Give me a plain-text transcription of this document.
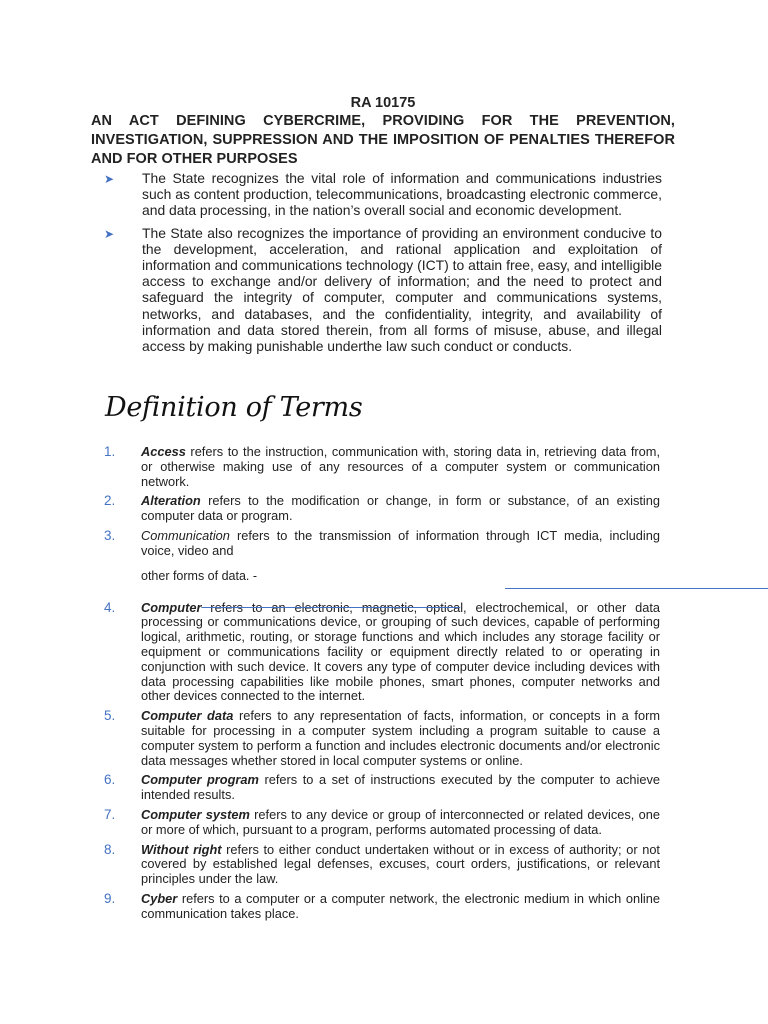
RA 10175
AN ACT DEFINING CYBERCRIME, PROVIDING FOR THE PREVENTION, INVESTIGATION, SUPPRESSION AND THE IMPOSITION OF PENALTIES THEREFOR AND FOR OTHER PURPOSES
➤ The State recognizes the vital role of information and communications industries such as content production, telecommunications, broadcasting electronic commerce, and data processing, in the nation’s overall social and economic development.
➤ The State also recognizes the importance of providing an environment conducive to the development, acceleration, and rational application and exploitation of information and communications technology (ICT) to attain free, easy, and intelligible access to exchange and/or delivery of information; and the need to protect and safeguard the integrity of computer, computer and communications systems, networks, and databases, and the confidentiality, integrity, and availability of information and data stored therein, from all forms of misuse, abuse, and illegal access by making punishable underthe law such conduct or conducts.
Definition of Terms
1. Access refers to the instruction, communication with, storing data in, retrieving data from, or otherwise making use of any resources of a computer system or communication network.
2. Alteration refers to the modification or change, in form or substance, of an existing computer data or program.
3. Communication refers to the transmission of information through ICT media, including voice, video and
4. Computer refers to an electronic, magnetic, optical, electrochemical, or other data processing or communications device, or grouping of such devices, capable of performing logical, arithmetic, routing, or storage functions and which includes any storage facility or equipment or communications facility or equipment directly related to or operating in conjunction with such device. It covers any type of computer device including devices with data processing capabilities like mobile phones, smart phones, computer networks and other devices connected to the internet.
5. Computer data refers to any representation of facts, information, or concepts in a form suitable for processing in a computer system including a program suitable to cause a computer system to perform a function and includes electronic documents and/or electronic data messages whether stored in local computer systems or online.
6. Computer program refers to a set of instructions executed by the computer to achieve intended results.
7. Computer system refers to any device or group of interconnected or related devices, one or more of which, pursuant to a program, performs automated processing of data.
8. Without right refers to either conduct undertaken without or in excess of authority; or not covered by established legal defenses, excuses, court orders, justifications, or relevant principles under the law.
9. Cyber refers to a computer or a computer network, the electronic medium in which online communication takes place.
other forms of data. -
